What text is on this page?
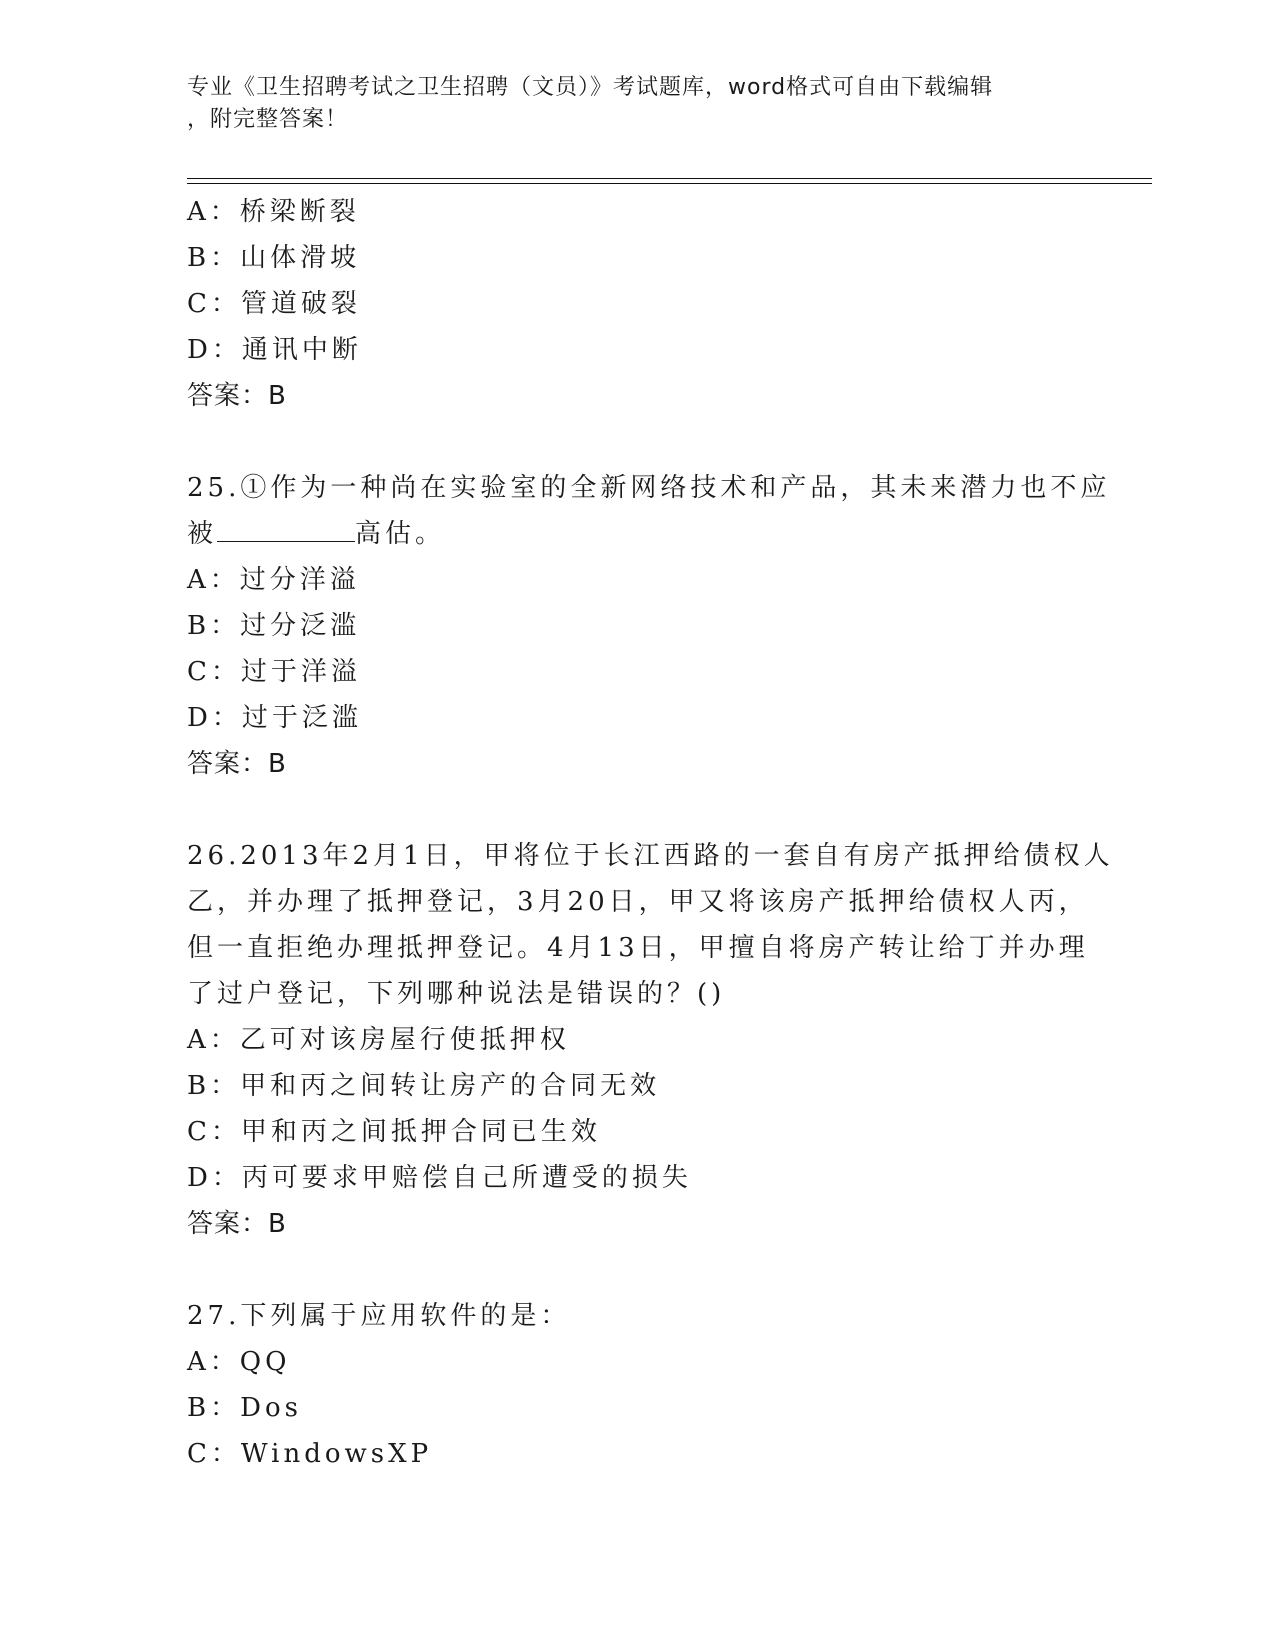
专业《卫生招聘考试之卫生招聘（文员）》考试题库，word格式可自由下载编辑
，附完整答案！
A：桥梁断裂
B：山体滑坡
C：管道破裂
D：通讯中断
答案：B
25.①作为一种尚在实验室的全新网络技术和产品，其未来潜力也不应
被	高估。
A：过分洋溢
B：过分泛滥
C：过于洋溢
D：过于泛滥
答案：B
26.2013年2月1日，甲将位于长江西路的一套自有房产抵押给债权人
乙，并办理了抵押登记，3月20日，甲又将该房产抵押给债权人丙，
但一直拒绝办理抵押登记。4月13日，甲擅自将房产转让给丁并办理
了过户登记，下列哪种说法是错误的？()
A：乙可对该房屋行使抵押权
B：甲和丙之间转让房产的合同无效
C：甲和丙之间抵押合同已生效
D：丙可要求甲赔偿自己所遭受的损失
答案：B
27.下列属于应用软件的是：
A：QQ
B：Dos
C：WindowsXP
